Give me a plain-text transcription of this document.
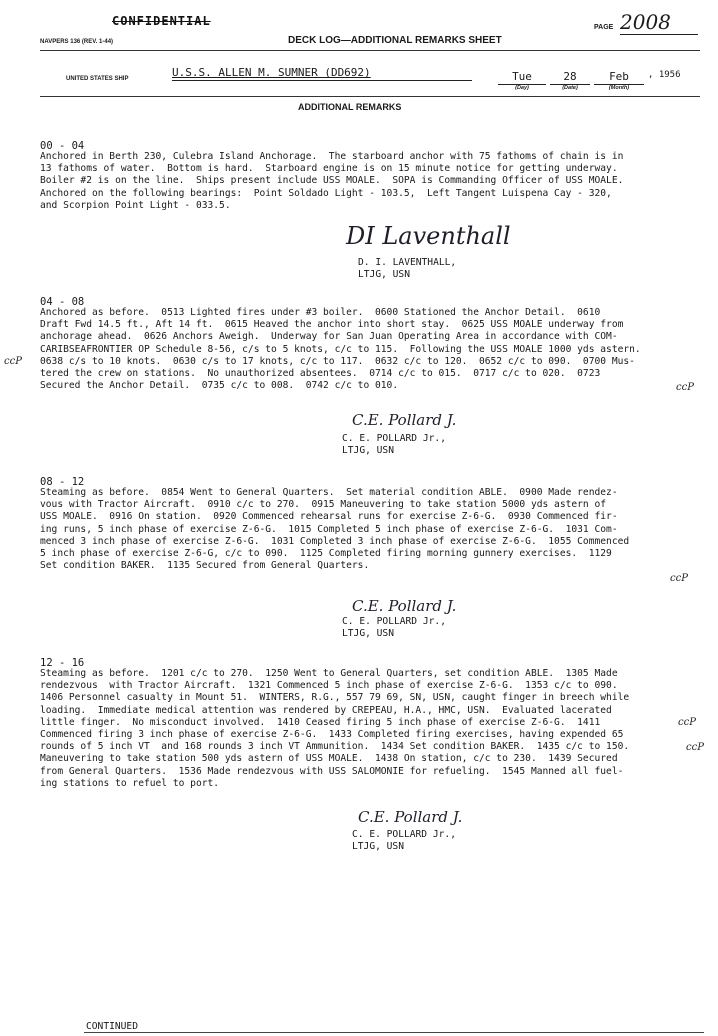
CONFIDENTIAL
NAVPERS 136 (REV. 1-44)	DECK LOG—ADDITIONAL REMARKS SHEET
PAGE 2008
UNITED STATES SHIP	U.S.S. ALLEN M. SUMNER (DD692)	Tue
(Day)
28
(Date)
Feb
(Month)
, 1956
ADDITIONAL REMARKS
00 - 04
Anchored in Berth 230, Culebra Island Anchorage.  The starboard anchor with 75 fathoms of chain is in
13 fathoms of water.  Bottom is hard.  Starboard engine is on 15 minute notice for getting underway.
Boiler #2 is on the line.  Ships present include USS MOALE.  SOPA is Commanding Officer of USS MOALE.
Anchored on the following bearings:  Point Soldado Light - 103.5,  Left Tangent Luispena Cay - 320,
and Scorpion Point Light - 033.5.
DI Laventhall
D. I. LAVENTHALL,
LTJG, USN
04 - 08
Anchored as before.  0513 Lighted fires under #3 boiler.  0600 Stationed the Anchor Detail.  0610
Draft Fwd 14.5 ft., Aft 14 ft.  0615 Heaved the anchor into short stay.  0625 USS MOALE underway from
anchorage ahead.  0626 Anchors Aweigh.  Underway for San Juan Operating Area in accordance with COM-
CARIBSEAFRONTIER OP Schedule 8-56, c/s to 5 knots, c/c to 115.  Following the USS MOALE 1000 yds astern.
0638 c/s to 10 knots.  0630 c/s to 17 knots, c/c to 117.  0632 c/c to 120.  0652 c/c to 090.  0700 Mus-
tered the crew on stations.  No unauthorized absentees.  0714 c/c to 015.  0717 c/c to 020.  0723
Secured the Anchor Detail.  0735 c/c to 008.  0742 c/c to 010.
C.E. Pollard J.
C. E. POLLARD Jr.,
LTJG, USN
08 - 12
Steaming as before.  0854 Went to General Quarters.  Set material condition ABLE.  0900 Made rendez-
vous with Tractor Aircraft.  0910 c/c to 270.  0915 Maneuvering to take station 5000 yds astern of
USS MOALE.  0916 On station.  0920 Commenced rehearsal runs for exercise Z-6-G.  0930 Commenced fir-
ing runs, 5 inch phase of exercise Z-6-G.  1015 Completed 5 inch phase of exercise Z-6-G.  1031 Com-
menced 3 inch phase of exercise Z-6-G.  1031 Completed 3 inch phase of exercise Z-6-G.  1055 Commenced
5 inch phase of exercise Z-6-G, c/c to 090.  1125 Completed firing morning gunnery exercises.  1129
Set condition BAKER.  1135 Secured from General Quarters.
C.E. Pollard J.
C. E. POLLARD Jr.,
LTJG, USN
12 - 16
Steaming as before.  1201 c/c to 270.  1250 Went to General Quarters, set condition ABLE.  1305 Made
rendezvous  with Tractor Aircraft.  1321 Commenced 5 inch phase of exercise Z-6-G.  1353 c/c to 090.
1406 Personnel casualty in Mount 51.  WINTERS, R.G., 557 79 69, SN, USN, caught finger in breech while
loading.  Immediate medical attention was rendered by CREPEAU, H.A., HMC, USN.  Evaluated lacerated
little finger.  No misconduct involved.  1410 Ceased firing 5 inch phase of exercise Z-6-G.  1411
Commenced firing 3 inch phase of exercise Z-6-G.  1433 Completed firing exercises, having expended 65
rounds of 5 inch VT  and 168 rounds 3 inch VT Ammunition.  1434 Set condition BAKER.  1435 c/c to 150.
Maneuvering to take station 500 yds astern of USS MOALE.  1438 On station, c/c to 230.  1439 Secured
from General Quarters.  1536 Made rendezvous with USS SALOMONIE for refueling.  1545 Manned all fuel-
ing stations to refuel to port.
C.E. Pollard J.
C. E. POLLARD Jr.,
LTJG, USN
ccP
ccP
ccP
ccP
ccP
CONTINUED
